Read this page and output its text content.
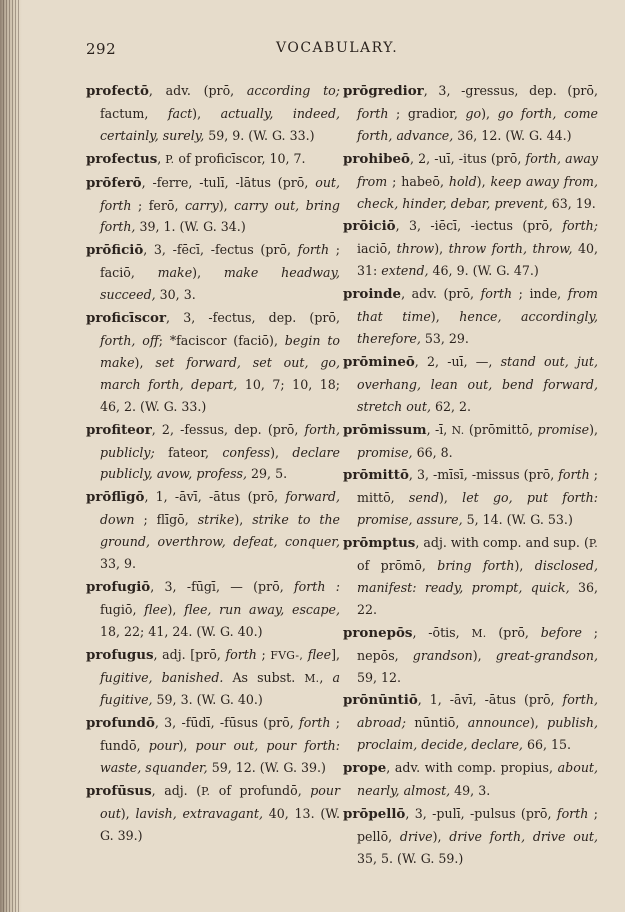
292	VOCABULARY.

profectō, adv. (prō, according to; factum, fact), actually, indeed, certainly, surely, 59, 9. (W. G. 33.)

profectus, P. of proficīscor, 10, 7.

prōferō, -ferre, -tulī, -lātus (prō, out, forth ; ferō, carry), carry out, bring forth, 39, 1. (W. G. 34.)

prōficiō, 3, -fēcī, -fectus (prō, forth ; faciō, make), make headway, succeed, 30, 3.

proficīscor, 3, -fectus, dep. (prō, forth, off; *faciscor (faciō), begin to make), set forward, set out, go, march forth, depart, 10, 7; 10, 18; 46, 2. (W. G. 33.)

profiteor, 2, -fessus, dep. (prō, forth, publicly; fateor, confess), declare publicly, avow, profess, 29, 5.

prōflīgō, 1, -āvī, -ātus (prō, forward, down ; flīgō, strike), strike to the ground, overthrow, defeat, conquer, 33, 9.

profugiō, 3, -fūgī, — (prō, forth : fugiō, flee), flee, run away, escape, 18, 22; 41, 24. (W. G. 40.)

profugus, adj. [prō, forth ; FVG-, flee], fugitive, banished. As subst. M., a fugitive, 59, 3. (W. G. 40.)

profundō, 3, -fūdī, -fūsus (prō, forth ; fundō, pour), pour out, pour forth: waste, squander, 59, 12. (W. G. 39.)

profūsus, adj. (P. of profundō, pour out), lavish, extravagant, 40, 13. (W. G. 39.)

prōgredior, 3, -gressus, dep. (prō, forth ; gradior, go), go forth, come forth, advance, 36, 12. (W. G. 44.)

prohibeō, 2, -uī, -itus (prō, forth, away from ; habeō, hold), keep away from, check, hinder, debar, prevent, 63, 19.

prōiciō, 3, -iēcī, -iectus (prō, forth; iaciō, throw), throw forth, throw, 40, 31: extend, 46, 9. (W. G. 47.)

proinde, adv. (prō, forth ; inde, from that time), hence, accordingly, therefore, 53, 29.

prōmineō, 2, -uī, —, stand out, jut, overhang, lean out, bend forward, stretch out, 62, 2.

prōmissum, -ī, N. (prōmittō, promise), promise, 66, 8.

prōmittō, 3, -mīsī, -missus (prō, forth ; mittō, send), let go, put forth: promise, assure, 5, 14. (W. G. 53.)

prōmptus, adj. with comp. and sup. (P. of prōmō, bring forth), disclosed, manifest: ready, prompt, quick, 36, 22.

pronepōs, -ōtis, M. (prō, before ; nepōs, grandson), great-grandson, 59, 12.

prōnūntiō, 1, -āvī, -ātus (prō, forth, abroad; nūntiō, announce), publish, proclaim, decide, declare, 66, 15.

prope, adv. with comp. propius, about, nearly, almost, 49, 3.

prōpellō, 3, -pulī, -pulsus (prō, forth ; pellō, drive), drive forth, drive out, 35, 5. (W. G. 59.)
